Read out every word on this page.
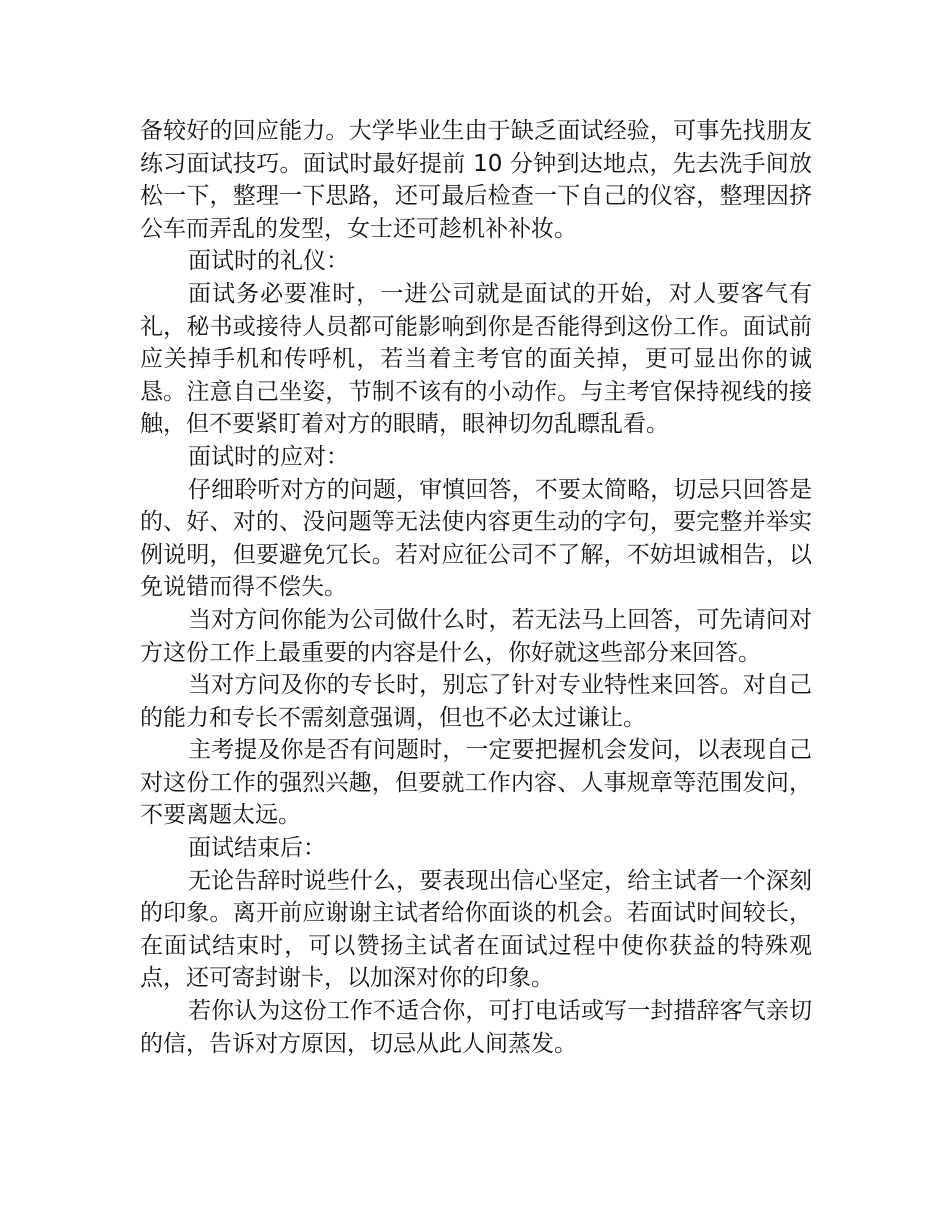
备较好的回应能力。大学毕业生由于缺乏面试经验，可事先找朋友练习面试技巧。面试时最好提前 10 分钟到达地点，先去洗手间放松一下，整理一下思路，还可最后检查一下自己的仪容，整理因挤公车而弄乱的发型，女士还可趁机补补妆。

面试时的礼仪：

面试务必要准时，一进公司就是面试的开始，对人要客气有礼，秘书或接待人员都可能影响到你是否能得到这份工作。面试前应关掉手机和传呼机，若当着主考官的面关掉，更可显出你的诚恳。注意自己坐姿，节制不该有的小动作。与主考官保持视线的接触，但不要紧盯着对方的眼睛，眼神切勿乱瞟乱看。

面试时的应对：

仔细聆听对方的问题，审慎回答，不要太简略，切忌只回答是的、好、对的、没问题等无法使内容更生动的字句，要完整并举实例说明，但要避免冗长。若对应征公司不了解，不妨坦诚相告，以免说错而得不偿失。

当对方问你能为公司做什么时，若无法马上回答，可先请问对方这份工作上最重要的内容是什么，你好就这些部分来回答。

当对方问及你的专长时，别忘了针对专业特性来回答。对自己的能力和专长不需刻意强调，但也不必太过谦让。

主考提及你是否有问题时，一定要把握机会发问，以表现自己对这份工作的强烈兴趣，但要就工作内容、人事规章等范围发问，不要离题太远。

面试结束后：

无论告辞时说些什么，要表现出信心坚定，给主试者一个深刻的印象。离开前应谢谢主试者给你面谈的机会。若面试时间较长，在面试结束时，可以赞扬主试者在面试过程中使你获益的特殊观点，还可寄封谢卡，以加深对你的印象。

若你认为这份工作不适合你，可打电话或写一封措辞客气亲切的信，告诉对方原因，切忌从此人间蒸发。
